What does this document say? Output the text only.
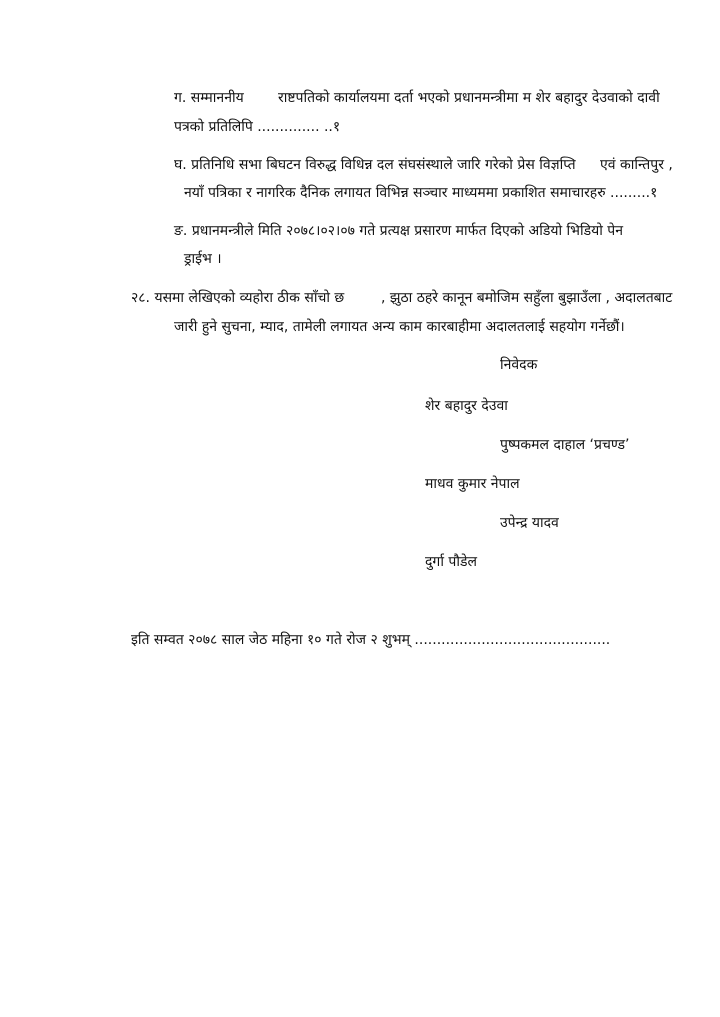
ग. सम्माननीय राष्टपतिको कार्यालयमा दर्ता भएको प्रधानमन्त्रीमा म शेर बहादुर देउवाको दावी
पत्रको प्रतिलिपि .............. ..१
घ. प्रतिनिधि सभा बिघटन विरुद्ध विधिन्न दल संघसंस्थाले जारि गरेको प्रेस विज्ञप्ति एवं कान्तिपुर ,
नयाँ पत्रिका र नागरिक दैनिक लगायत विभिन्न सञ्चार माध्यममा प्रकाशित समाचारहरु .........१
ङ. प्रधानमन्त्रीले मिति २०७८।०२।०७ गते प्रत्यक्ष प्रसारण मार्फत दिएको अडियो भिडियो पेन
ड्राईभ ।
२८. यसमा लेखिएको व्यहोरा ठीक साँचो छ	, झुठा ठहरे कानून बमोजिम सहुँला बुझाउँला , अदालतबाट
जारी हुने सुचना, म्याद, तामेली लगायत अन्य काम कारबाहीमा अदालतलाई सहयोग गर्नेछौं।
निवेदक
शेर बहादुर देउवा
पुष्पकमल दाहाल ‘प्रचण्ड’
माधव कुमार नेपाल
उपेन्द्र यादव
दुर्गा पौडेल
इति सम्वत २०७८ साल जेठ महिना १० गते रोज २ शुभम् ............................................
